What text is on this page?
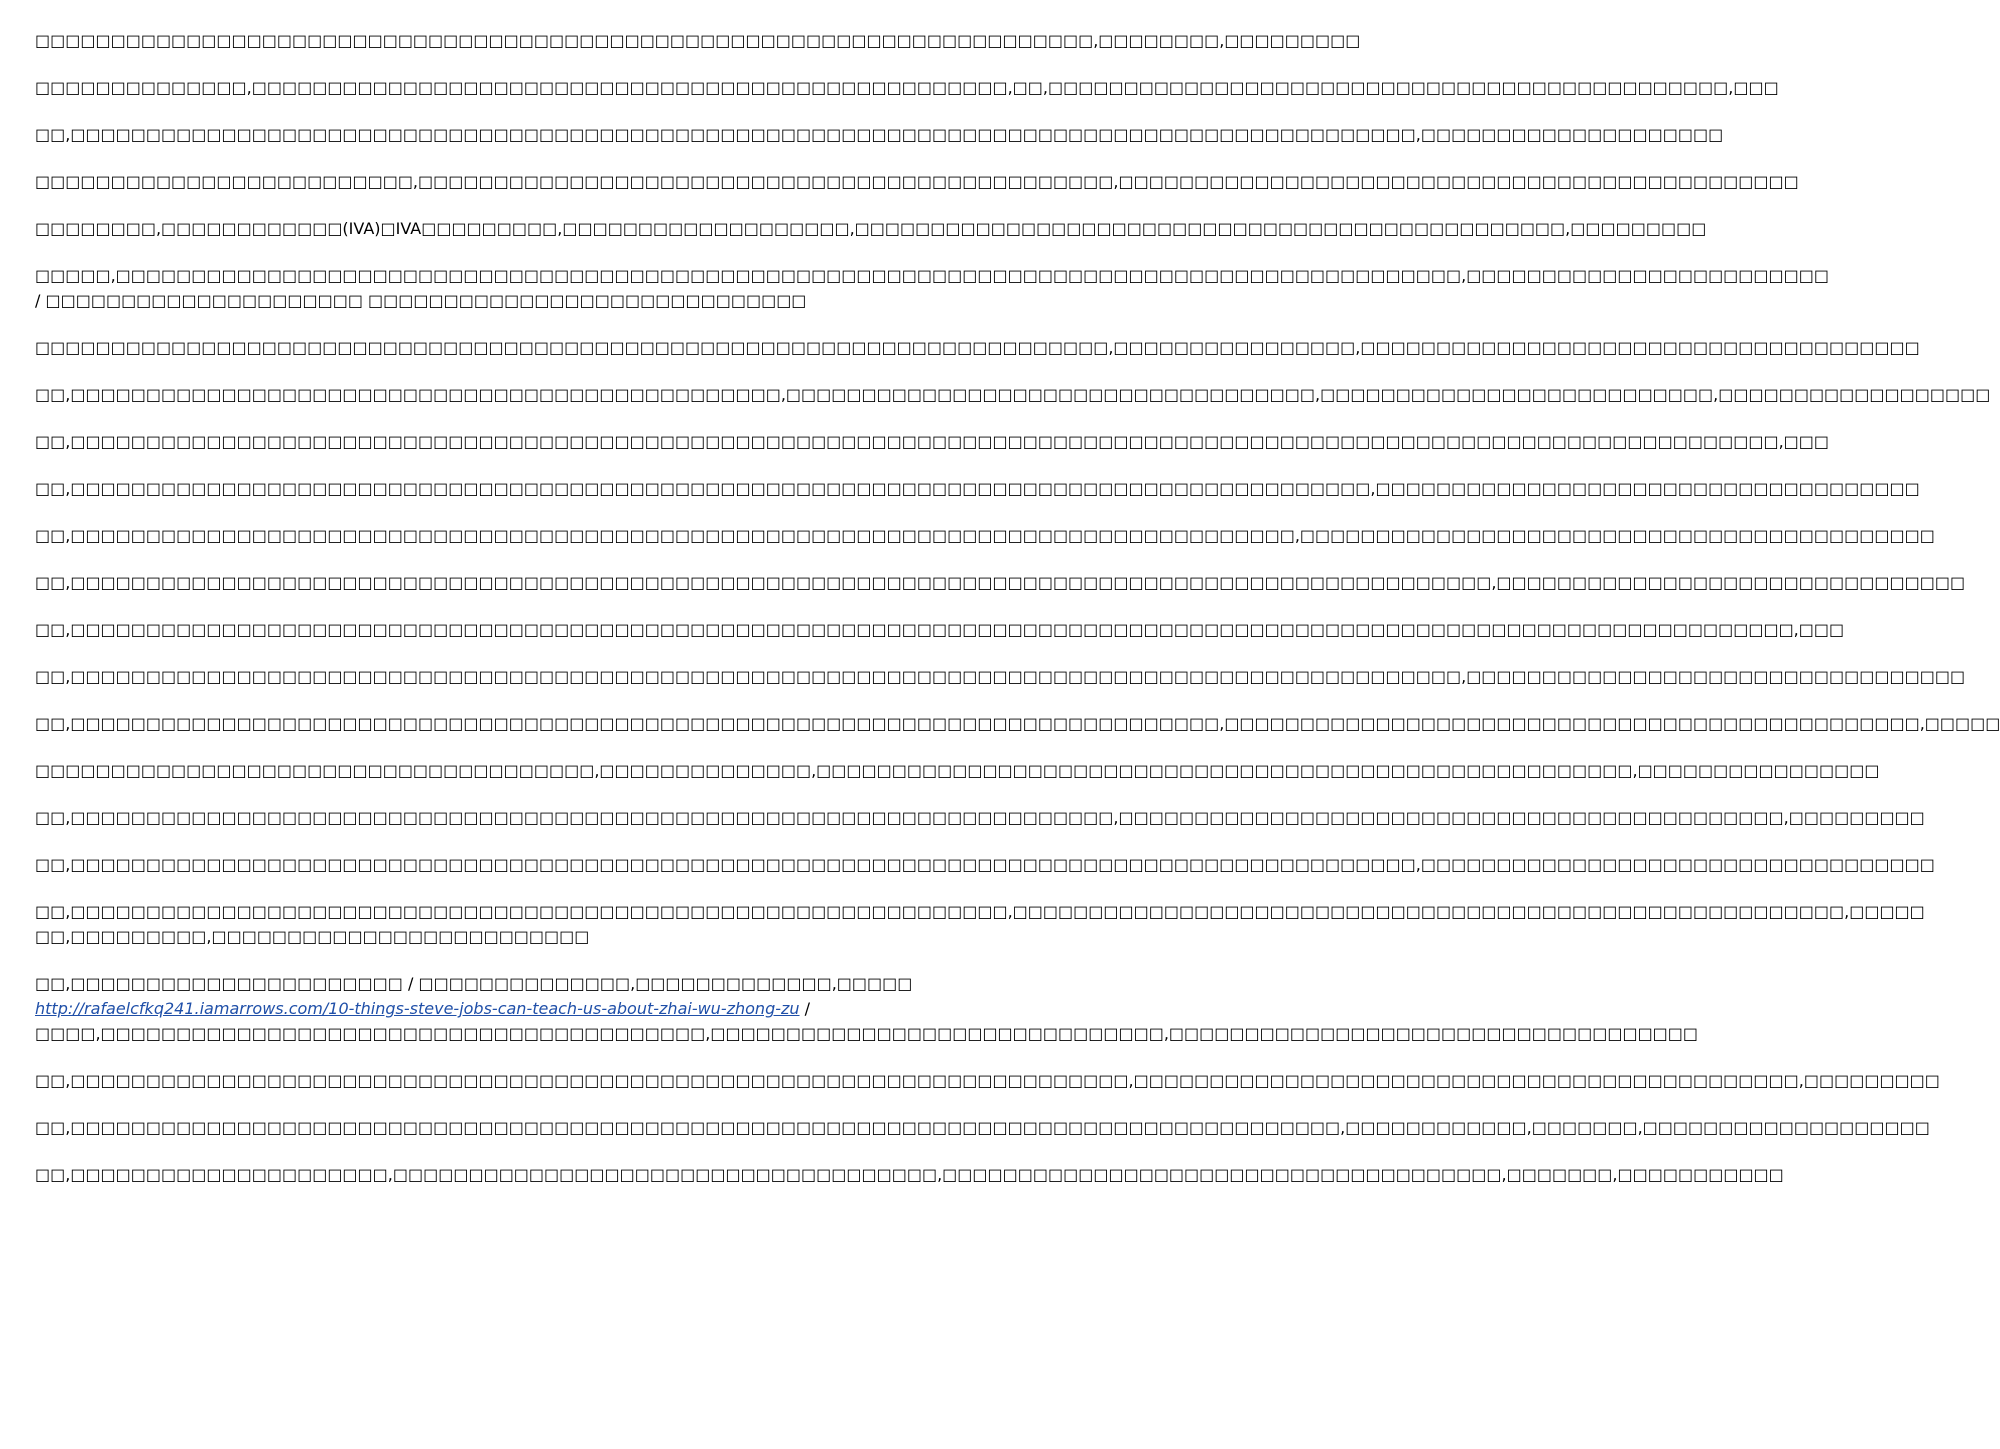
□□□□□□□□□□□□□□□□□□□□□□□□□□□□□□□□□□□□□□□□□□□□□□□□□□□□□□□□□□□□□□□□□□□□□□,□□□□□□□□,□□□□□□□□□

□□□□□□□□□□□□□□,□□□□□□□□□□□□□□□□□□□□□□□□□□□□□□□□□□□□□□□□□□□□□□□□□□,□□,□□□□□□□□□□□□□□□□□□□□□□□□□□□□□□□□□□□□□□□□□□□□□,□□□

□□,□□□□□□□□□□□□□□□□□□□□□□□□□□□□□□□□□□□□□□□□□□□□□□□□□□□□□□□□□□□□□□□□□□□□□□□□□□□□□□□□□□□□□□□□□,□□□□□□□□□□□□□□□□□□□□

□□□□□□□□□□□□□□□□□□□□□□□□□,□□□□□□□□□□□□□□□□□□□□□□□□□□□□□□□□□□□□□□□□□□□□□□,□□□□□□□□□□□□□□□□□□□□□□□□□□□□□□□□□□□□□□□□□□□□□

□□□□□□□□,□□□□□□□□□□□□(IVA)□IVA□□□□□□□□□,□□□□□□□□□□□□□□□□□□□,□□□□□□□□□□□□□□□□□□□□□□□□□□□□□□□□□□□□□□□□□□□□□□□,□□□□□□□□□

□□□□□,□□□□□□□□□□□□□□□□□□□□□□□□□□□□□□□□□□□□□□□□□□□□□□□□□□□□□□□□□□□□□□□□□□□□□□□□□□□□□□□□□□□□□□□□□,□□□□□□□□□□□□□□□□□□□□□□□□
/ □□□□□□□□□□□□□□□□□□□□□ □□□□□□□□□□□□□□□□□□□□□□□□□□□□□

□□□□□□□□□□□□□□□□□□□□□□□□□□□□□□□□□□□□□□□□□□□□□□□□□□□□□□□□□□□□□□□□□□□□□□□,□□□□□□□□□□□□□□□□,□□□□□□□□□□□□□□□□□□□□□□□□□□□□□□□□□□□□□

□□,□□□□□□□□□□□□□□□□□□□□□□□□□□□□□□□□□□□□□□□□□□□□□□□,□□□□□□□□□□□□□□□□□□□□□□□□□□□□□□□□□□□,□□□□□□□□□□□□□□□□□□□□□□□□□□,□□□□□□□□□□□□□□□□□□

□□,□□□□□□□□□□□□□□□□□□□□□□□□□□□□□□□□□□□□□□□□□□□□□□□□□□□□□□□□□□□□□□□□□□□□□□□□□□□□□□□□□□□□□□□□□□□□□□□□□□□□□□□□□□□□□□□□□,□□□

□□,□□□□□□□□□□□□□□□□□□□□□□□□□□□□□□□□□□□□□□□□□□□□□□□□□□□□□□□□□□□□□□□□□□□□□□□□□□□□□□□□□□□□□□,□□□□□□□□□□□□□□□□□□□□□□□□□□□□□□□□□□□□

□□,□□□□□□□□□□□□□□□□□□□□□□□□□□□□□□□□□□□□□□□□□□□□□□□□□□□□□□□□□□□□□□□□□□□□□□□□□□□□□□□□□,□□□□□□□□□□□□□□□□□□□□□□□□□□□□□□□□□□□□□□□□□□

□□,□□□□□□□□□□□□□□□□□□□□□□□□□□□□□□□□□□□□□□□□□□□□□□□□□□□□□□□□□□□□□□□□□□□□□□□□□□□□□□□□□□□□□□□□□□□□□□,□□□□□□□□□□□□□□□□□□□□□□□□□□□□□□□

□□,□□□□□□□□□□□□□□□□□□□□□□□□□□□□□□□□□□□□□□□□□□□□□□□□□□□□□□□□□□□□□□□□□□□□□□□□□□□□□□□□□□□□□□□□□□□□□□□□□□□□□□□□□□□□□□□□□□,□□□

□□,□□□□□□□□□□□□□□□□□□□□□□□□□□□□□□□□□□□□□□□□□□□□□□□□□□□□□□□□□□□□□□□□□□□□□□□□□□□□□□□□□□□□□□□□□□□□,□□□□□□□□□□□□□□□□□□□□□□□□□□□□□□□□□

□□,□□□□□□□□□□□□□□□□□□□□□□□□□□□□□□□□□□□□□□□□□□□□□□□□□□□□□□□□□□□□□□□□□□□□□□□□□□□□,□□□□□□□□□□□□□□□□□□□□□□□□□□□□□□□□□□□□□□□□□□□□□□,□□□□□

□□□□□□□□□□□□□□□□□□□□□□□□□□□□□□□□□□□□□,□□□□□□□□□□□□□□,□□□□□□□□□□□□□□□□□□□□□□□□□□□□□□□□□□□□□□□□□□□□□□□□□□□□□□,□□□□□□□□□□□□□□□□

□□,□□□□□□□□□□□□□□□□□□□□□□□□□□□□□□□□□□□□□□□□□□□□□□□□□□□□□□□□□□□□□□□□□□□□□,□□□□□□□□□□□□□□□□□□□□□□□□□□□□□□□□□□□□□□□□□□□□,□□□□□□□□□

□□,□□□□□□□□□□□□□□□□□□□□□□□□□□□□□□□□□□□□□□□□□□□□□□□□□□□□□□□□□□□□□□□□□□□□□□□□□□□□□□□□□□□□□□□□□,□□□□□□□□□□□□□□□□□□□□□□□□□□□□□□□□□□

□□,□□□□□□□□□□□□□□□□□□□□□□□□□□□□□□□□□□□□□□□□□□□□□□□□□□□□□□□□□□□□□□,□□□□□□□□□□□□□□□□□□□□□□□□□□□□□□□□□□□□□□□□□□□□□□□□□□□□□□□,□□□□□
□□,□□□□□□□□□,□□□□□□□□□□□□□□□□□□□□□□□□□

□□,□□□□□□□□□□□□□□□□□□□□□□ / □□□□□□□□□□□□□□,□□□□□□□□□□□□□,□□□□□ http://rafaelcfkq241.iamarrows.com/10-things-steve-jobs-can-teach-us-about-zhai-wu-zhong-zu /
□□□□,□□□□□□□□□□□□□□□□□□□□□□□□□□□□□□□□□□□□□□□□,□□□□□□□□□□□□□□□□□□□□□□□□□□□□□□,□□□□□□□□□□□□□□□□□□□□□□□□□□□□□□□□□□□

□□,□□□□□□□□□□□□□□□□□□□□□□□□□□□□□□□□□□□□□□□□□□□□□□□□□□□□□□□□□□□□□□□□□□□□□□,□□□□□□□□□□□□□□□□□□□□□□□□□□□□□□□□□□□□□□□□□□□□,□□□□□□□□□

□□,□□□□□□□□□□□□□□□□□□□□□□□□□□□□□□□□□□□□□□□□□□□□□□□□□□□□□□□□□□□□□□□□□□□□□□□□□□□□□□□□□□□□,□□□□□□□□□□□□,□□□□□□□,□□□□□□□□□□□□□□□□□□□

□□,□□□□□□□□□□□□□□□□□□□□□,□□□□□□□□□□□□□□□□□□□□□□□□□□□□□□□□□□□□,□□□□□□□□□□□□□□□□□□□□□□□□□□□□□□□□□□□□□,□□□□□□□,□□□□□□□□□□□
